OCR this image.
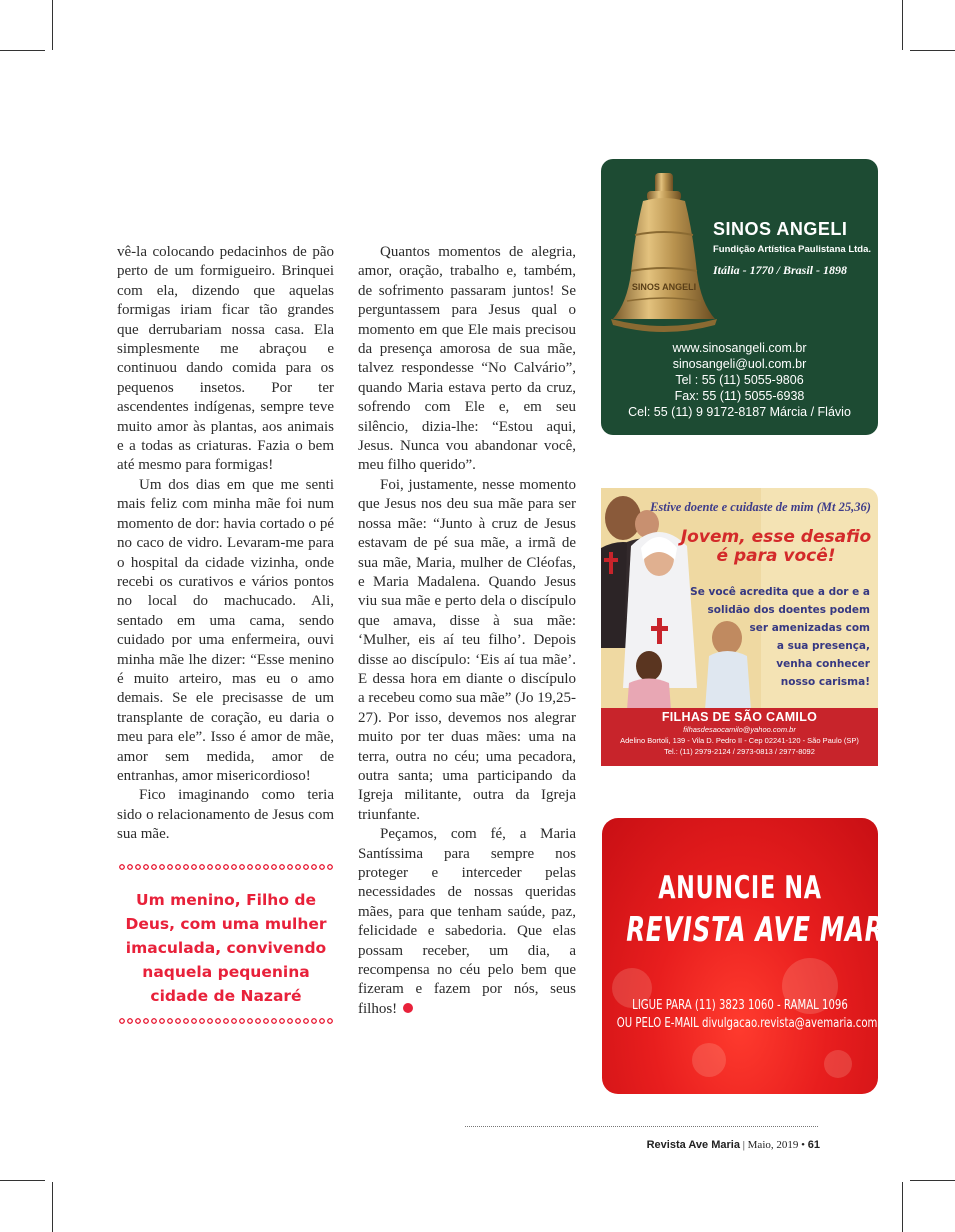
vê-la colocando pedacinhos de pão perto de um formigueiro. Brinquei com ela, dizendo que aquelas formigas iriam ficar tão grandes que derrubariam nossa casa. Ela simplesmente me abraçou e continuou dando comida para os pequenos insetos. Por ter ascendentes indígenas, sempre teve muito amor às plantas, aos animais e a todas as criaturas. Fazia o bem até mesmo para formigas!

Um dos dias em que me senti mais feliz com minha mãe foi num momento de dor: havia cortado o pé no caco de vidro. Levaram-me para o hospital da cidade vizinha, onde recebi os curativos e vários pontos no local do machucado. Ali, sentado em uma cama, sendo cuidado por uma enfermeira, ouvi minha mãe lhe dizer: “Esse menino é muito arteiro, mas eu o amo demais. Se ele precisasse de um transplante de coração, eu daria o meu para ele”. Isso é amor de mãe, amor sem medida, amor de entranhas, amor misericordioso!

Fico imaginando como teria sido o relacionamento de Jesus com sua mãe.

Um menino, Filho de Deus, com uma mulher imaculada, convivendo naquela pequenina cidade de Nazaré

Quantos momentos de alegria, amor, oração, trabalho e, também, de sofrimento passaram juntos! Se perguntassem para Jesus qual o momento em que Ele mais precisou da presença amorosa de sua mãe, talvez respondesse “No Calvário”, quando Maria estava perto da cruz, sofrendo com Ele e, em seu silêncio, dizia-lhe: “Estou aqui, Jesus. Nunca vou abandonar você, meu filho querido”.

Foi, justamente, nesse momento que Jesus nos deu sua mãe para ser nossa mãe: “Junto à cruz de Jesus estavam de pé sua mãe, a irmã de sua mãe, Maria, mulher de Cléofas, e Maria Madalena. Quando Jesus viu sua mãe e perto dela o discípulo que amava, disse à sua mãe: ‘Mulher, eis aí teu filho’. Depois disse ao discípulo: ‘Eis aí tua mãe’. E dessa hora em diante o discípulo a recebeu como sua mãe” (Jo 19,25-27). Por isso, devemos nos alegrar muito por ter duas mães: uma na terra, outra no céu; uma pecadora, outra santa; uma participando da Igreja militante, outra da Igreja triunfante.

Peçamos, com fé, a Maria Santíssima para sempre nos proteger e interceder pelas necessidades de nossas queridas mães, para que tenham saúde, paz, felicidade e sabedoria. Que elas possam receber, um dia, a recompensa no céu pelo bem que fizeram e fazem por nós, seus filhos!

SINOS ANGELI
SINOS ANGELI
Fundição Artística Paulistana Ltda.
Itália - 1770 / Brasil - 1898
www.sinosangeli.com.br
sinosangeli@uol.com.br
Tel : 55 (11) 5055-9806
Fax: 55 (11) 5055-6938
Cel: 55 (11) 9 9172-8187 Márcia / Flávio
Estive doente e cuidaste de mim (Mt 25,36)
Jovem, esse desafio
é para você!
Se você acredita que a dor e a
solidão dos doentes podem
ser amenizadas com
a sua presença,
venha conhecer
nosso carisma!
FILHAS DE SÃO CAMILO
filhasdesaocamilo@yahoo.com.br
Adelino Bortoli, 139 - Vila D. Pedro II - Cep 02241-120 - São Paulo (SP)
Tel.: (11) 2979-2124 / 2973-0813 / 2977-8092
ANUNCIE NA
REVISTA AVE MARIA
LIGUE PARA (11) 3823 1060 - RAMAL 1096
OU PELO E-MAIL divulgacao.revista@avemaria.com.br
Revista Ave Maria | Maio, 2019 • 61
